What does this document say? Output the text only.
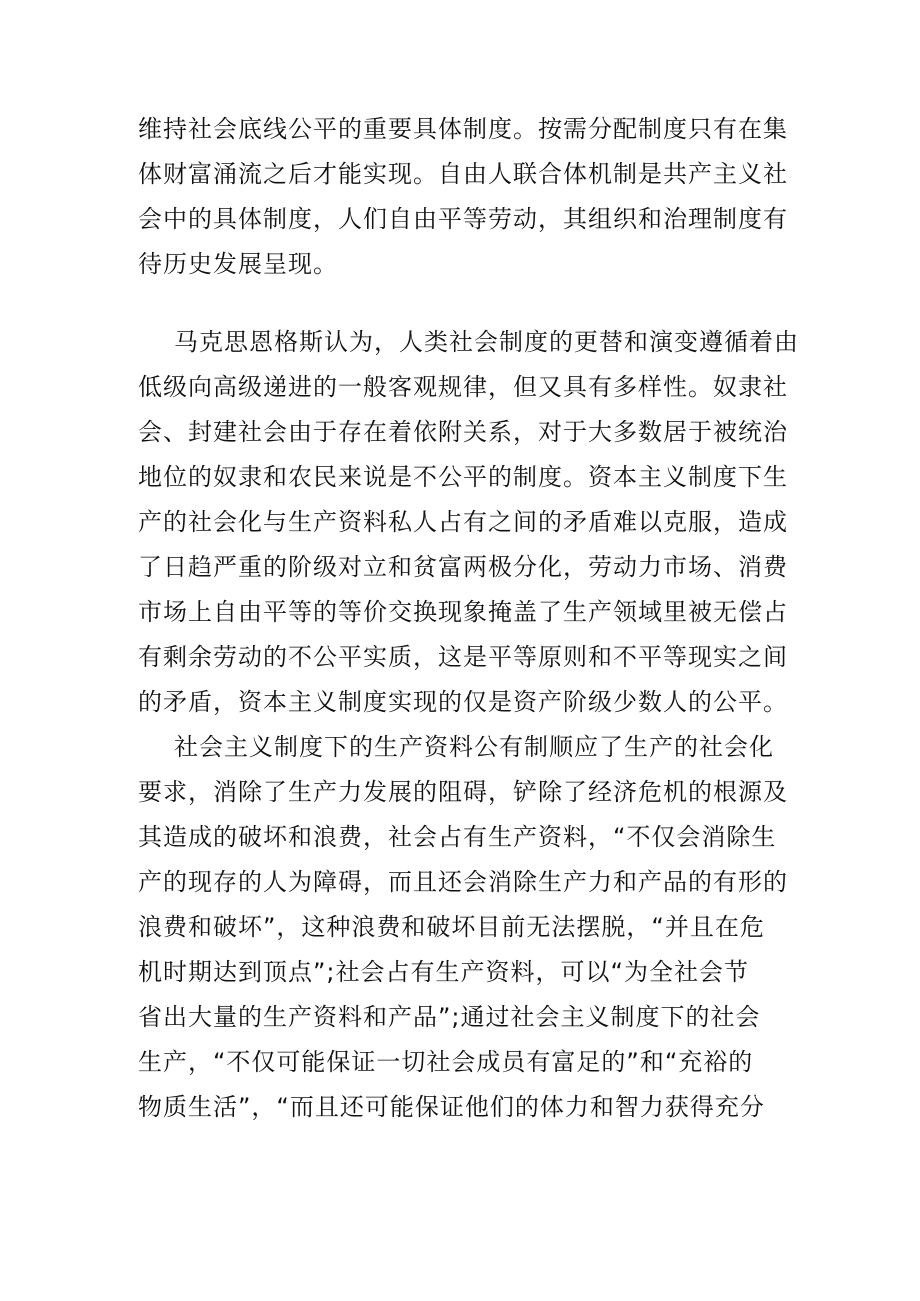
维持社会底线公平的重要具体制度。按需分配制度只有在集
体财富涌流之后才能实现。自由人联合体机制是共产主义社
会中的具体制度，人们自由平等劳动，其组织和治理制度有
待历史发展呈现。
马克思恩格斯认为，人类社会制度的更替和演变遵循着由
低级向高级递进的一般客观规律，但又具有多样性。奴隶社
会、封建社会由于存在着依附关系，对于大多数居于被统治
地位的奴隶和农民来说是不公平的制度。资本主义制度下生
产的社会化与生产资料私人占有之间的矛盾难以克服，造成
了日趋严重的阶级对立和贫富两极分化，劳动力市场、消费
市场上自由平等的等价交换现象掩盖了生产领域里被无偿占
有剩余劳动的不公平实质，这是平等原则和不平等现实之间
的矛盾，资本主义制度实现的仅是资产阶级少数人的公平。
社会主义制度下的生产资料公有制顺应了生产的社会化
要求，消除了生产力发展的阻碍，铲除了经济危机的根源及
其造成的破坏和浪费，社会占有生产资料，“不仅会消除生
产的现存的人为障碍，而且还会消除生产力和产品的有形的
浪费和破坏”，这种浪费和破坏目前无法摆脱，“并且在危
机时期达到顶点”;社会占有生产资料，可以“为全社会节
省出大量的生产资料和产品”;通过社会主义制度下的社会
生产，“不仅可能保证一切社会成员有富足的”和“充裕的
物质生活”，“而且还可能保证他们的体力和智力获得充分
